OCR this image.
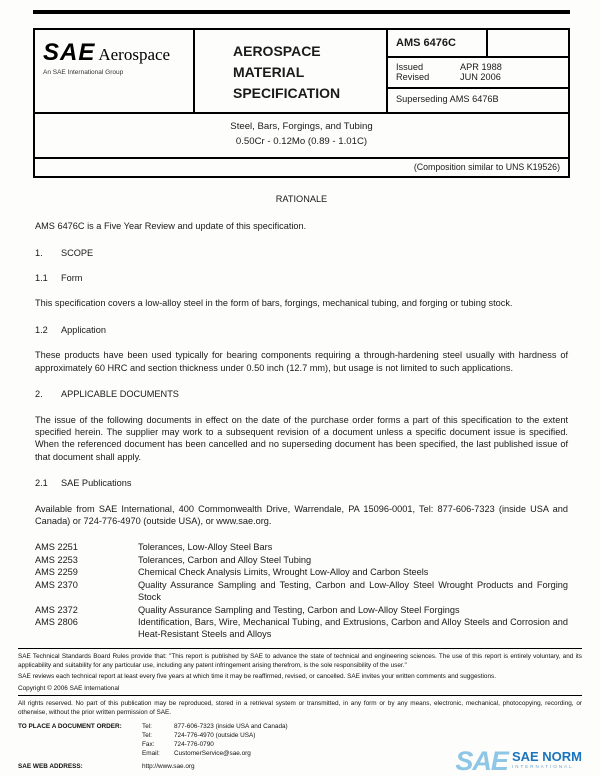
SAE Aerospace
An SAE International Group
AEROSPACE
MATERIAL
SPECIFICATION
AMS 6476C
Issued	APR 1988
Revised	JUN 2006
Superseding AMS 6476B
Steel, Bars, Forgings, and Tubing
0.50Cr - 0.12Mo (0.89 - 1.01C)
(Composition similar to UNS K19526)
RATIONALE

AMS 6476C is a Five Year Review and update of this specification.

1. SCOPE
1.1 Form

This specification covers a low-alloy steel in the form of bars, forgings, mechanical tubing, and forging or tubing stock.

1.2 Application

These products have been used typically for bearing components requiring a through-hardening steel usually with hardness of approximately 60 HRC and section thickness under 0.50 inch (12.7 mm), but usage is not limited to such applications.

2. APPLICABLE DOCUMENTS

The issue of the following documents in effect on the date of the purchase order forms a part of this specification to the extent specified herein. The supplier may work to a subsequent revision of a document unless a specific document issue is specified. When the referenced document has been cancelled and no superseding document has been specified, the last published issue of that document shall apply.

2.1 SAE Publications

Available from SAE International, 400 Commonwealth Drive, Warrendale, PA 15096-0001, Tel: 877-606-7323 (inside USA and Canada) or 724-776-4970 (outside USA), or www.sae.org.

AMS 2251	Tolerances, Low-Alloy Steel Bars
AMS 2253	Tolerances, Carbon and Alloy Steel Tubing
AMS 2259	Chemical Check Analysis Limits, Wrought Low-Alloy and Carbon Steels
AMS 2370	Quality Assurance Sampling and Testing, Carbon and Low-Alloy Steel Wrought Products and Forging Stock
AMS 2372	Quality Assurance Sampling and Testing, Carbon and Low-Alloy Steel Forgings
AMS 2806	Identification, Bars, Wire, Mechanical Tubing, and Extrusions, Carbon and Alloy Steels and Corrosion and Heat-Resistant Steels and Alloys

SAE Technical Standards Board Rules provide that: "This report is published by SAE to advance the state of technical and engineering sciences. The use of this report is entirely voluntary, and its applicability and suitability for any particular use, including any patent infringement arising therefrom, is the sole responsibility of the user."

SAE reviews each technical report at least every five years at which time it may be reaffirmed, revised, or cancelled. SAE invites your written comments and suggestions.

Copyright © 2006 SAE International

All rights reserved. No part of this publication may be reproduced, stored in a retrieval system or transmitted, in any form or by any means, electronic, mechanical, photocopying, recording, or otherwise, without the prior written permission of SAE.

TO PLACE A DOCUMENT ORDER:	Tel:	877-606-7323 (inside USA and Canada)
Tel:	724-776-4970 (outside USA)
Fax:	724-776-0790
Email:	CustomerService@sae.org
SAE WEB ADDRESS:	http://www.sae.org	SAE SAE NORM
INTERNATIONAL
